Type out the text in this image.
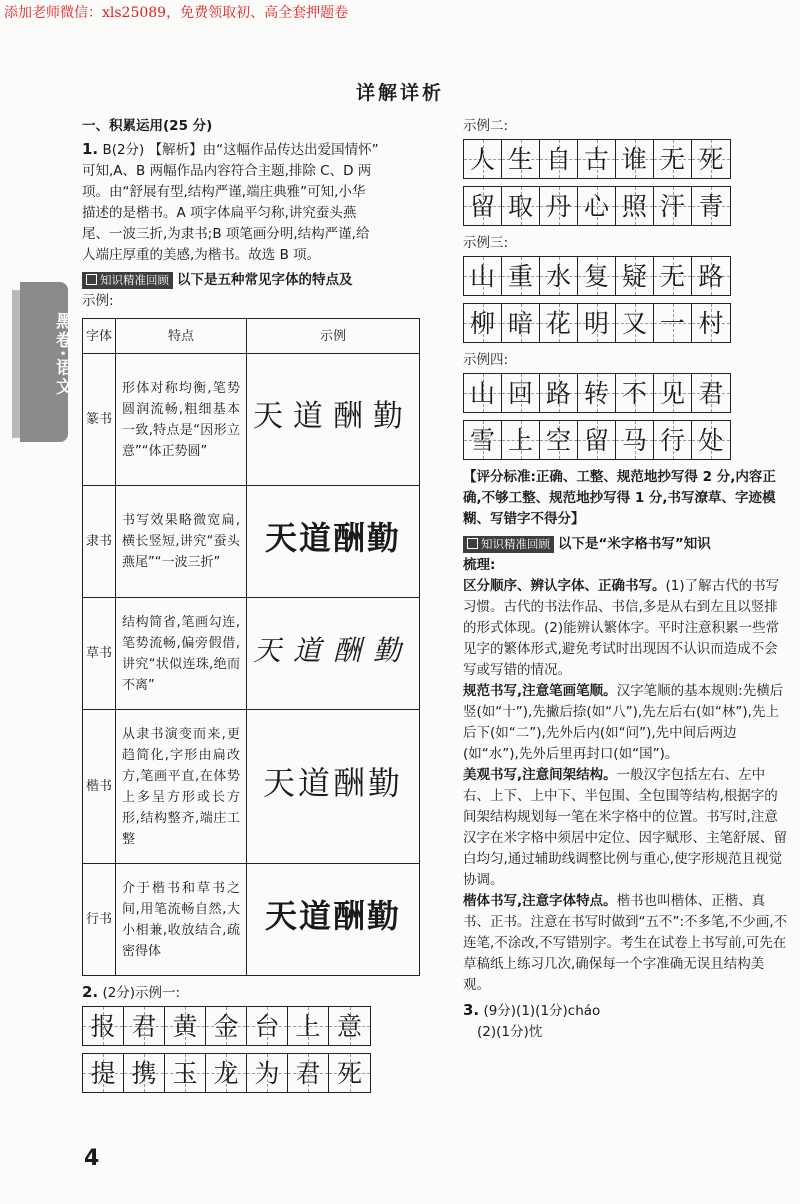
添加老师微信：xls25089，免费领取初、高全套押题卷
详解详析
黑卷·语文

一、积累运用(25 分)

1. B(2分) 【解析】由“这幅作品传达出爱国情怀”

可知,A、B 两幅作品内容符合主题,排除 C、D 两

项。由“舒展有型,结构严谨,端庄典雅”可知,小华

描述的是楷书。A 项字体扁平匀称,讲究蚕头燕

尾、一波三折,为隶书;B 项笔画分明,结构严谨,给

人端庄厚重的美感,为楷书。故选 B 项。

知识精准回顾 以下是五种常见字体的特点及

示例:

字体	特点	示例
篆书	形体对称均衡,笔势圆润流畅,粗细基本一致,特点是“因形立意”“体正势圆”	天道酬勤
隶书	书写效果略微宽扁,横长竖短,讲究“蚕头燕尾”“一波三折”	天道酬勤
草书	结构简省,笔画勾连,笔势流畅,偏旁假借,讲究“状似连珠,绝而不离”	天道酬勤
楷书	从隶书演变而来,更趋简化,字形由扁改方,笔画平直,在体势上多呈方形或长方形,结构整齐,端庄工整	天道酬勤
行书	介于楷书和草书之间,用笔流畅自然,大小相兼,收放结合,疏密得体	天道酬勤

2. (2分)示例一:

报 君 黄 金 台 上 意
提 携 玉 龙 为 君 死

示例二:

人 生 自 古 谁 无 死
留 取 丹 心 照 汗 青

示例三:

山 重 水 复 疑 无 路
柳 暗 花 明 又 一 村

示例四:

山 回 路 转 不 见 君
雪 上 空 留 马 行 处

【评分标准:正确、工整、规范地抄写得 2 分,内容正确,不够工整、规范地抄写得 1 分,书写潦草、字迹模糊、写错字不得分】

知识精准回顾 以下是“米字格书写”知识

梳理:

区分顺序、辨认字体、正确书写。(1)了解古代的书写习惯。古代的书法作品、书信,多是从右到左且以竖排的形式体现。(2)能辨认繁体字。平时注意积累一些常见字的繁体形式,避免考试时出现因不认识而造成不会写或写错的情况。

规范书写,注意笔画笔顺。汉字笔顺的基本规则:先横后竖(如“十”),先撇后捺(如“八”),先左后右(如“林”),先上后下(如“二”),先外后内(如“问”),先中间后两边(如“水”),先外后里再封口(如“国”)。

美观书写,注意间架结构。一般汉字包括左右、左中右、上下、上中下、半包围、全包围等结构,根据字的间架结构规划每一笔在米字格中的位置。书写时,注意汉字在米字格中须居中定位、因字赋形、主笔舒展、留白均匀,通过辅助线调整比例与重心,使字形规范且视觉协调。

楷体书写,注意字体特点。楷书也叫楷体、正楷、真书、正书。注意在书写时做到“五不”:不多笔,不少画,不连笔,不涂改,不写错别字。考生在试卷上书写前,可先在草稿纸上练习几次,确保每一个字准确无误且结构美观。

3. (9分)(1)(1分)cháo

(2)(1分)忱

4
